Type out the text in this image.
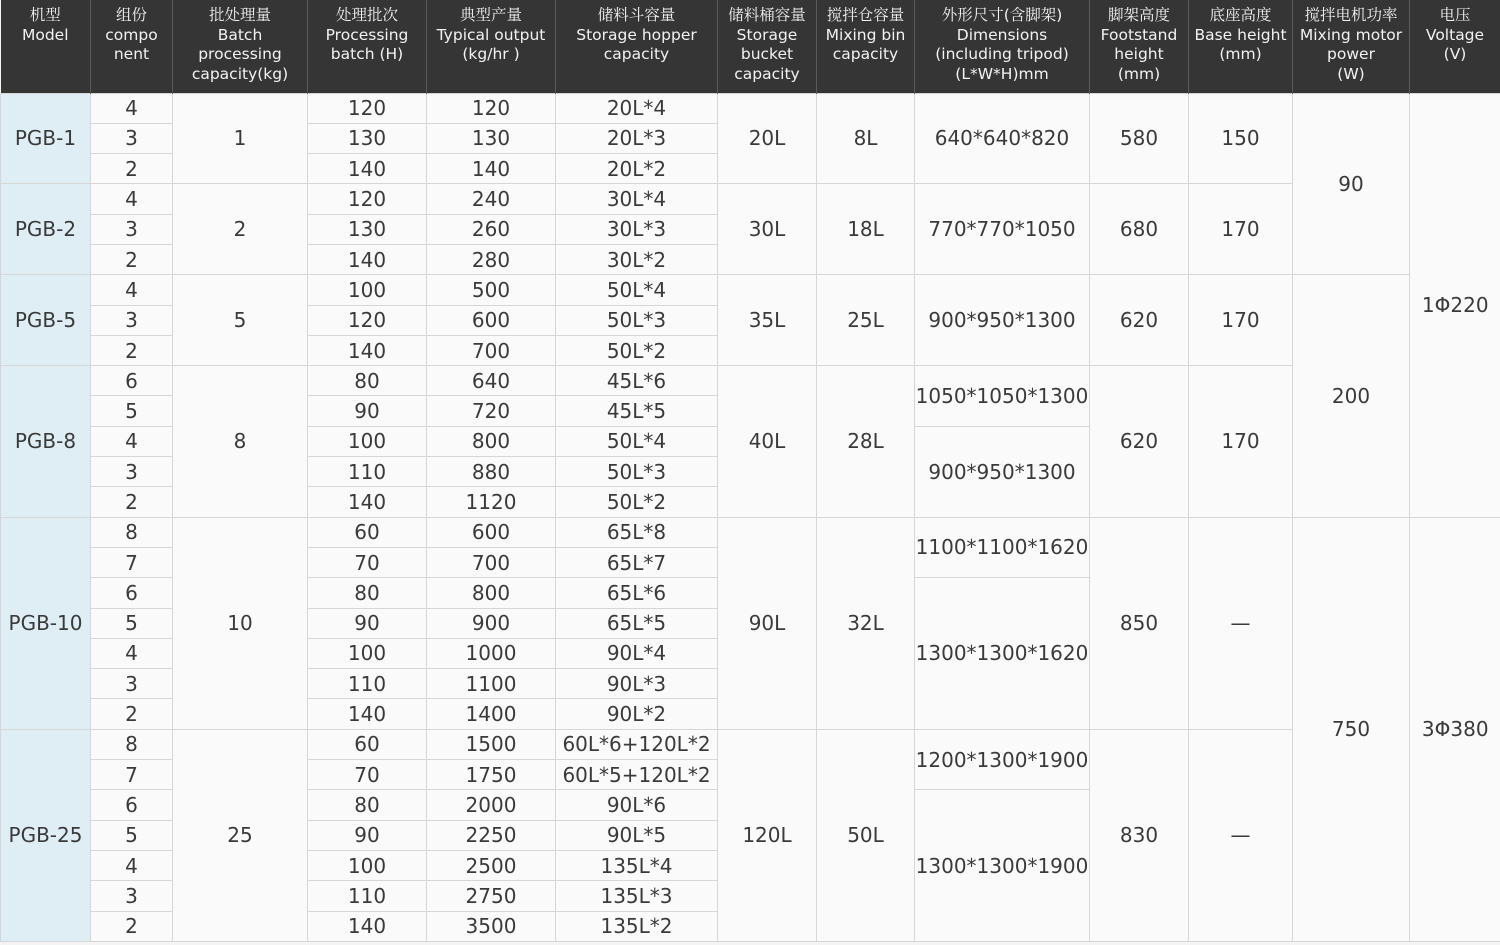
机型
Model	组份
compo
nent	批处理量
Batch
processing
capacity(kg)	处理批次
Processing
batch (H)	典型产量
Typical output
(kg/hr )	储料斗容量
Storage hopper
capacity	储料桶容量
Storage
bucket
capacity	搅拌仓容量
Mixing bin
capacity	外形尺寸(含脚架)
Dimensions
(including tripod)
(L*W*H)mm	脚架高度
Footstand
height
(mm)	底座高度
Base height
(mm)	搅拌电机功率
Mixing motor
power
(W)	电压
Voltage
(V)

PGB-1	4	1	120	120	20L*4	20L	8L	640*640*820	580	150	90	1Φ220
	3		130	130	20L*3							
	2		140	140	20L*2							
PGB-2	4	2	120	240	30L*4	30L	18L	770*770*1050	680	170		
	3		130	260	30L*3							
	2		140	280	30L*2							
PGB-5	4	5	100	500	50L*4	35L	25L	900*950*1300	620	170	200	
	3		120	600	50L*3							
	2		140	700	50L*2							
PGB-8	6	8	80	640	45L*6	40L	28L	1050*1050*1300	620	170		
	5		90	720	45L*5							
	4		100	800	50L*4			900*950*1300				
	3		110	880	50L*3							
	2		140	1120	50L*2							
PGB-10	8	10	60	600	65L*8	90L	32L	1100*1100*1620	850	—	750	3Φ380
	7		70	700	65L*7							
	6		80	800	65L*6			1300*1300*1620				
	5		90	900	65L*5							
	4		100	1000	90L*4							
	3		110	1100	90L*3							
	2		140	1400	90L*2							
PGB-25	8	25	60	1500	60L*6+120L*2	120L	50L	1200*1300*1900	830	—		
	7		70	1750	60L*5+120L*2							
	6		80	2000	90L*6			1300*1300*1900				
	5		90	2250	90L*5							
	4		100	2500	135L*4							
	3		110	2750	135L*3							
	2		140	3500	135L*2							
